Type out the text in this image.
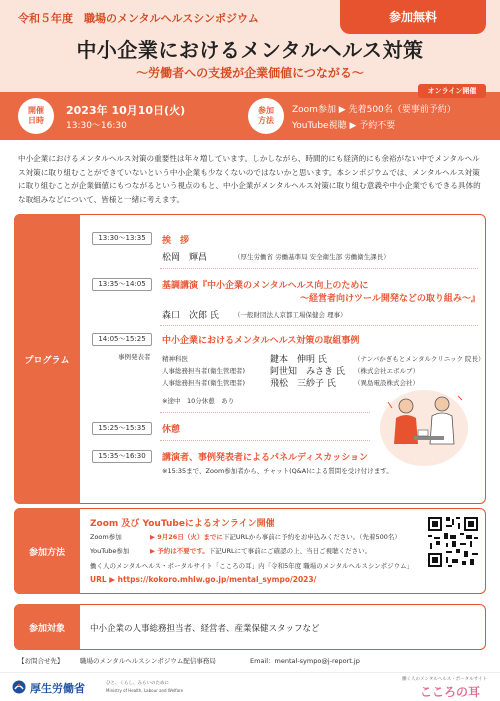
令和５年度　職場のメンタルヘルスシンポジウム	参加無料
中小企業におけるメンタルヘルス対策
～労働者への支援が企業価値につながる～
開催
日時
2023年 10月10日(火)
13:30～16:30
参加
方法
Zoom参加 ▶ 先着500名（要事前予約）
YouTube視聴 ▶ 予約不要
オンライン開催
中小企業におけるメンタルヘルス対策の重要性は年々増しています。しかしながら、時間的にも経済的にも余裕がない中でメンタルヘルス対策に取り組むことができていないという中小企業も少なくないのではないかと思います。本シンポジウムでは、メンタルヘルス対策に取り組むことが企業価値にもつながるという視点のもと、中小企業がメンタルヘルス対策に取り組む意義や中小企業でもできる具体的な取組みなどについて、皆様と一緒に考えます。
プログラム
13:30～13:35	挨　拶
松岡　輝昌	（厚生労働省 労働基準局 安全衛生部 労働衛生課長）
13:35～14:05	基調講演『中小企業のメンタルヘルス向上のために
～経営者向けツール開発などの取り組み～』
森口　次郎 氏 （一般財団法人京都工場保健会 理事）
14:05～15:25	中小企業におけるメンタルヘルス対策の取組事例
事例発表者 精神科医	鍵本　伸明 氏	（ナンバかぎもとメンタルクリニック 院長）
人事総務担当者(衛生管理者)	阿世知　みさき 氏 （株式会社エボルブ）
人事総務担当者(衛生管理者)	飛松　三紗子 氏	（異島電設株式会社）
※途中　10分休憩　あり
15:25～15:35	休憩
15:35～16:30	講演者、事例発表者によるパネルディスカッション
※15:35まで、Zoom参加者から、チャット(Q&A)による質問を受け付けます。
参加方法
Zoom 及び YouTubeによるオンライン開催
Zoom参加	▶ 9月26日（火）までに下記URLから事前に予約をお申込みください。（先着500名）
YouTube参加	▶ 予約は不要です。下記URLにて事前にご確認の上、当日ご視聴ください。
働く人のメンタルヘルス・ポータルサイト「こころの耳」内「令和5年度 職場のメンタルヘルスシンポジウム」
URL ▶ https://kokoro.mhlw.go.jp/mental_sympo/2023/
参加対象	中小企業の人事総務担当者、経営者、産業保健スタッフなど
【お問合せ先】	職場のメンタルヘルスシンポジウム配信事務局	Email：mental-sympo@j-report.jp
厚生労働省	ひと、くらし、みらいのために
Ministry of Health, Labour and Welfare
働く人のメンタルヘルス・ポータルサイト
こころの耳
